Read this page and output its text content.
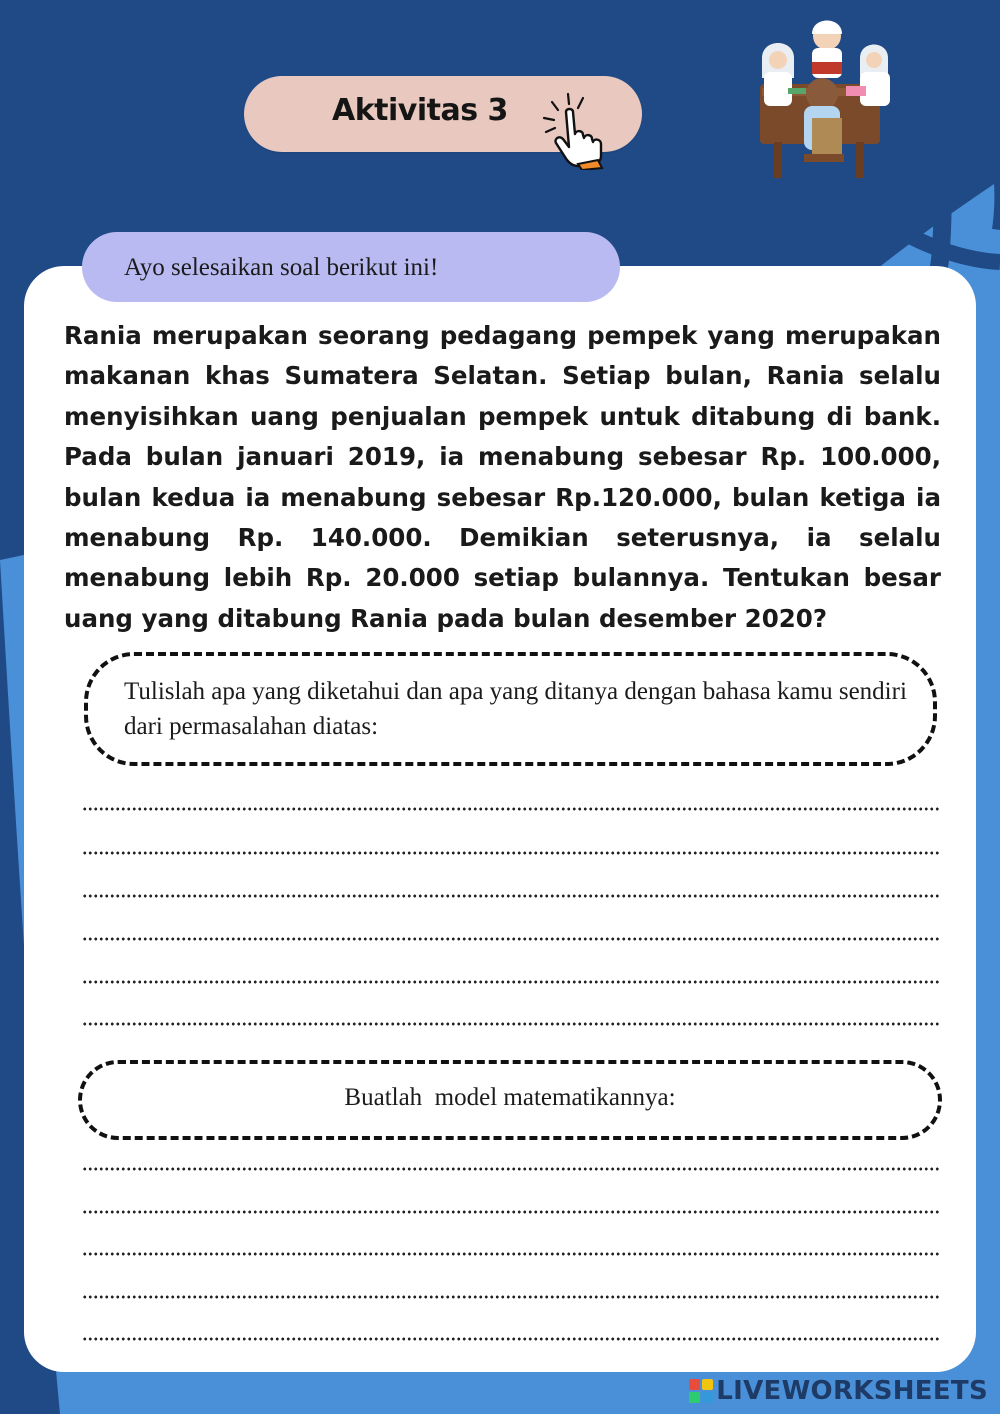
Aktivitas 3
Ayo selesaikan soal berikut ini!

Rania merupakan seorang pedagang pempek yang merupakan makanan khas Sumatera Selatan. Setiap bulan, Rania selalu menyisihkan uang penjualan pempek untuk ditabung di bank. Pada bulan januari 2019, ia menabung sebesar Rp. 100.000, bulan kedua ia menabung sebesar Rp.120.000, bulan ketiga ia menabung Rp. 140.000. Demikian seterusnya, ia selalu menabung lebih Rp. 20.000 setiap bulannya. Tentukan besar uang yang ditabung Rania pada bulan desember 2020?

Tulislah apa yang diketahui dan apa yang ditanya dengan bahasa kamu sendiri dari permasalahan diatas:
Buatlah  model matematikannya:
LIVEWORKSHEETS
